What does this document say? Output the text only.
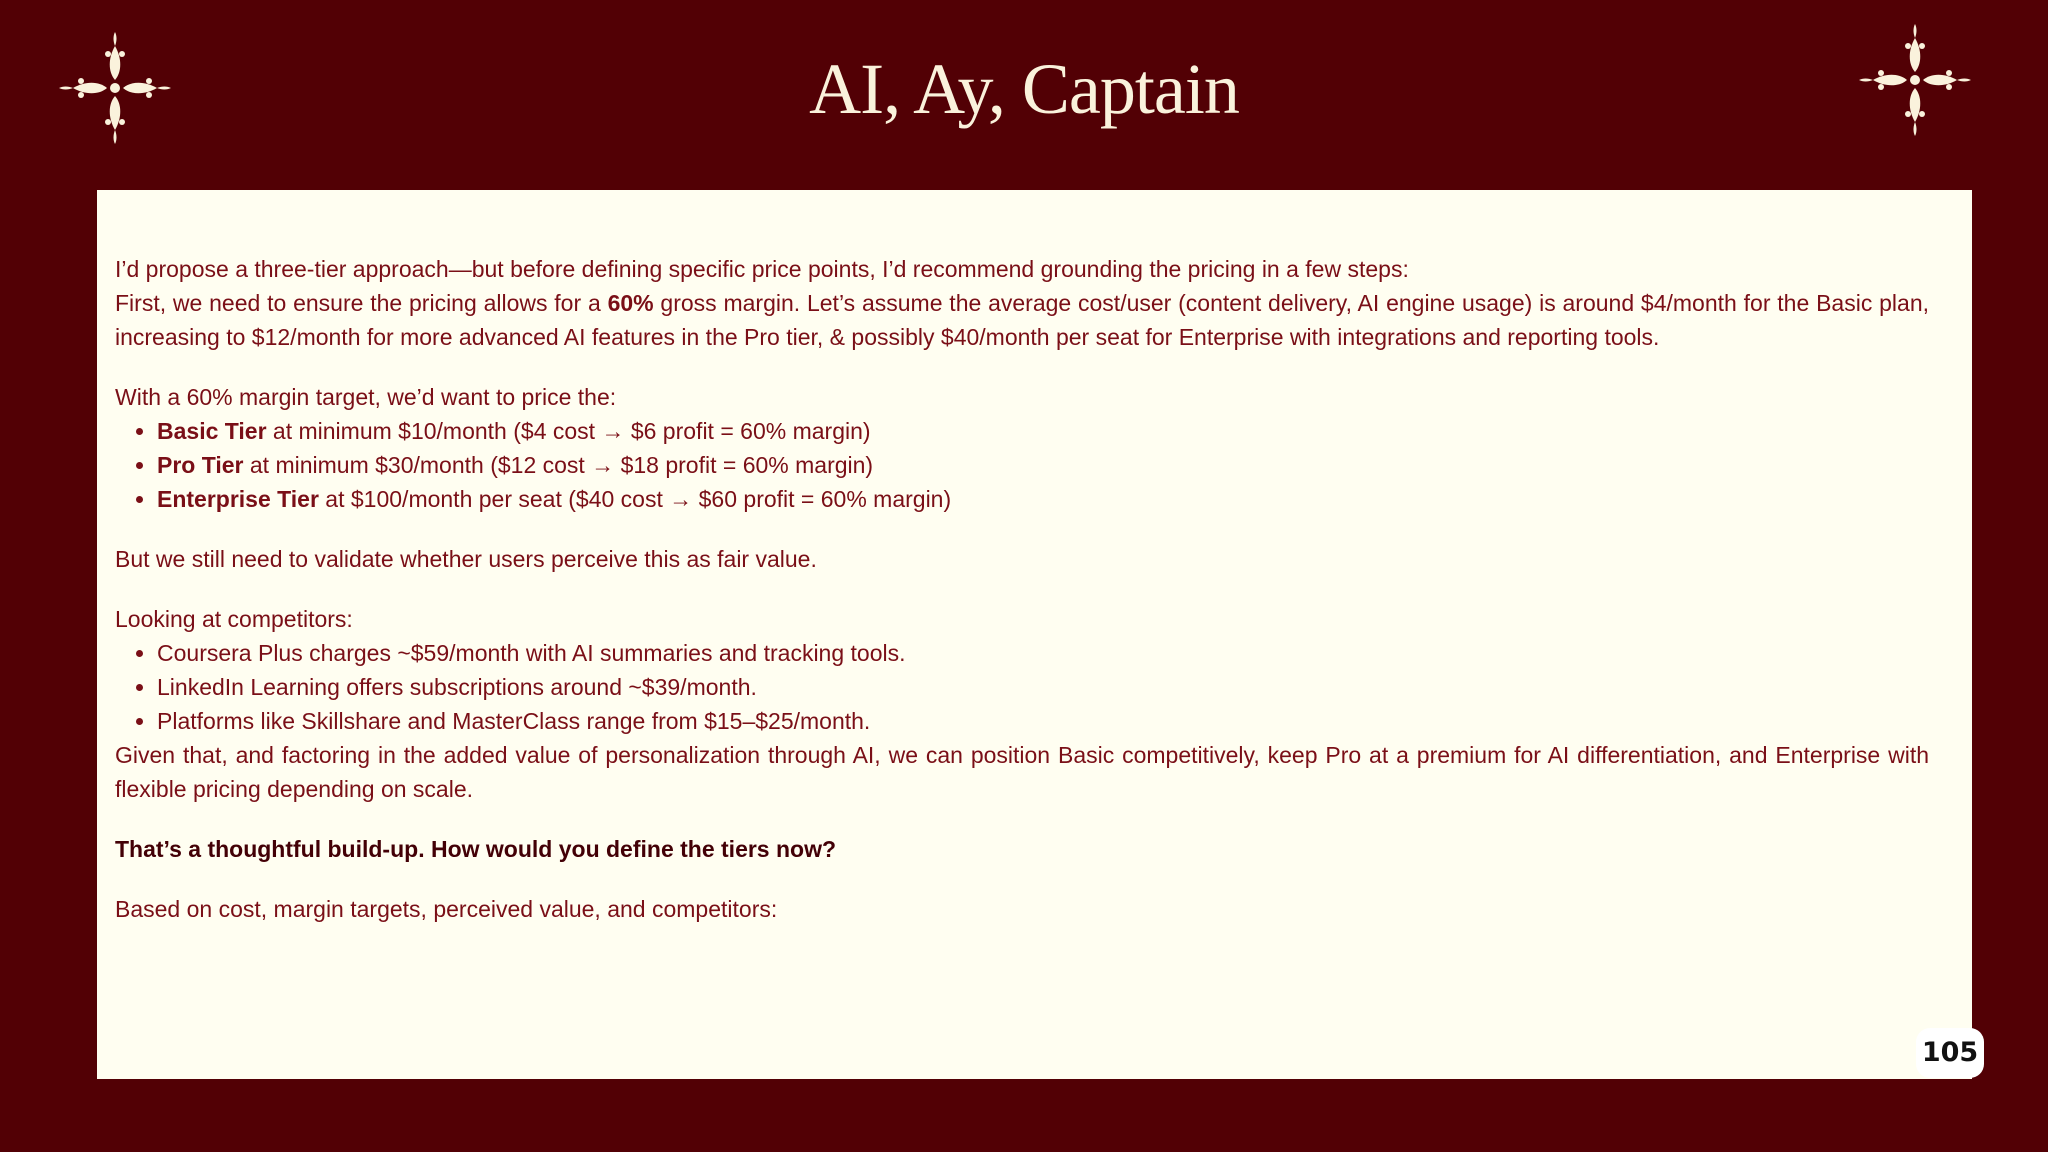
AI, Ay, Captain

I’d propose a three-tier approach—but before defining specific price points, I’d recommend grounding the pricing in a few steps:

First, we need to ensure the pricing allows for a 60% gross margin. Let’s assume the average cost/user (content delivery, AI engine usage) is around $4/month for the Basic plan, increasing to $12/month for more advanced AI features in the Pro tier, & possibly $40/month per seat for Enterprise with integrations and reporting tools.

With a 60% margin target, we’d want to price the:

• Basic Tier at minimum $10/month ($4 cost → $6 profit = 60% margin)
• Pro Tier at minimum $30/month ($12 cost → $18 profit = 60% margin)
• Enterprise Tier at $100/month per seat ($40 cost → $60 profit = 60% margin)

But we still need to validate whether users perceive this as fair value.

Looking at competitors:

• Coursera Plus charges ~$59/month with AI summaries and tracking tools.
• LinkedIn Learning offers subscriptions around ~$39/month.
• Platforms like Skillshare and MasterClass range from $15–$25/month.

Given that, and factoring in the added value of personalization through AI, we can position Basic competitively, keep Pro at a premium for AI differentiation, and Enterprise with flexible pricing depending on scale.

That’s a thoughtful build-up. How would you define the tiers now?

Based on cost, margin targets, perceived value, and competitors:

105
